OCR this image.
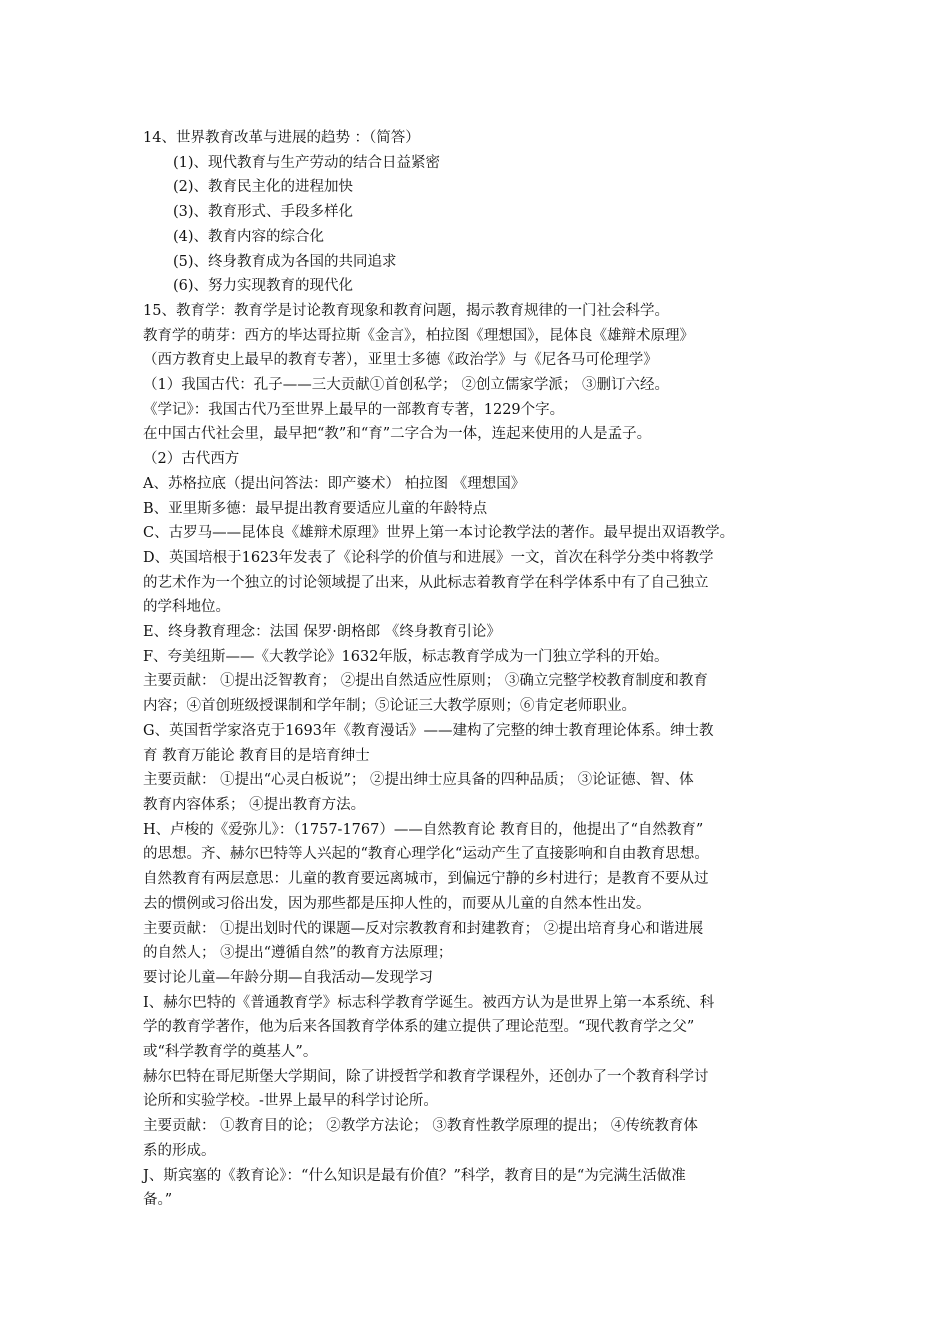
14、世界教育改革与进展的趋势 ：（简答）
(1)、现代教育与生产劳动的结合日益紧密
(2)、教育民主化的进程加快
(3)、教育形式、手段多样化
(4)、教育内容的综合化
(5)、终身教育成为各国的共同追求
(6)、努力实现教育的现代化
15、教育学：教育学是讨论教育现象和教育问题，揭示教育规律的一门社会科学。
教育学的萌芽：西方的毕达哥拉斯《金言》，柏拉图《理想国》，昆体良《雄辩术原理》
（西方教育史上最早的教育专著），亚里士多德《政治学》与《尼各马可伦理学》
（1）我国古代：孔子——三大贡献①首创私学； ②创立儒家学派； ③删订六经。
《学记》：我国古代乃至世界上最早的一部教育专著，1229个字。
在中国古代社会里，最早把“教”和“育”二字合为一体，连起来使用的人是孟子。
（2）古代西方
A、苏格拉底（提出问答法：即产婆术） 柏拉图 《理想国》
B、亚里斯多德：最早提出教育要适应儿童的年龄特点
C、古罗马——昆体良《雄辩术原理》世界上第一本讨论教学法的著作。最早提出双语教学。
D、英国培根于1623年发表了《论科学的价值与和进展》一文，首次在科学分类中将教学
的艺术作为一个独立的讨论领域提了出来，从此标志着教育学在科学体系中有了自己独立
的学科地位。
E、终身教育理念：法国 保罗·朗格郎 《终身教育引论》
F、夸美纽斯——《大教学论》1632年版，标志教育学成为一门独立学科的开始。
主要贡献： ①提出泛智教育； ②提出自然适应性原则； ③确立完整学校教育制度和教育
内容；④首创班级授课制和学年制；⑤论证三大教学原则；⑥肯定老师职业。
G、英国哲学家洛克于1693年《教育漫话》——建构了完整的绅士教育理论体系。绅士教
育 教育万能论 教育目的是培育绅士
主要贡献： ①提出“心灵白板说”； ②提出绅士应具备的四种品质； ③论证德、智、体
教育内容体系； ④提出教育方法。
H、卢梭的《爱弥儿》：（1757-1767）——自然教育论 教育目的，他提出了“自然教育”
的思想。齐、赫尔巴特等人兴起的“教育心理学化“运动产生了直接影响和自由教育思想。
自然教育有两层意思：儿童的教育要远离城市，到偏远宁静的乡村进行；是教育不要从过
去的惯例或习俗出发，因为那些都是压抑人性的，而要从儿童的自然本性出发。
主要贡献： ①提出划时代的课题—反对宗教教育和封建教育； ②提出培育身心和谐进展
的自然人； ③提出“遵循自然”的教育方法原理；
要讨论儿童—年龄分期—自我活动—发现学习
I、赫尔巴特的《普通教育学》标志科学教育学诞生。被西方认为是世界上第一本系统、科
学的教育学著作，他为后来各国教育学体系的建立提供了理论范型。“现代教育学之父”
或“科学教育学的奠基人”。
赫尔巴特在哥尼斯堡大学期间，除了讲授哲学和教育学课程外，还创办了一个教育科学讨
论所和实验学校。-世界上最早的科学讨论所。
主要贡献： ①教育目的论； ②教学方法论； ③教育性教学原理的提出； ④传统教育体
系的形成。
J、斯宾塞的《教育论》：“什么知识是最有价值？”科学，教育目的是“为完满生活做准
备。”
